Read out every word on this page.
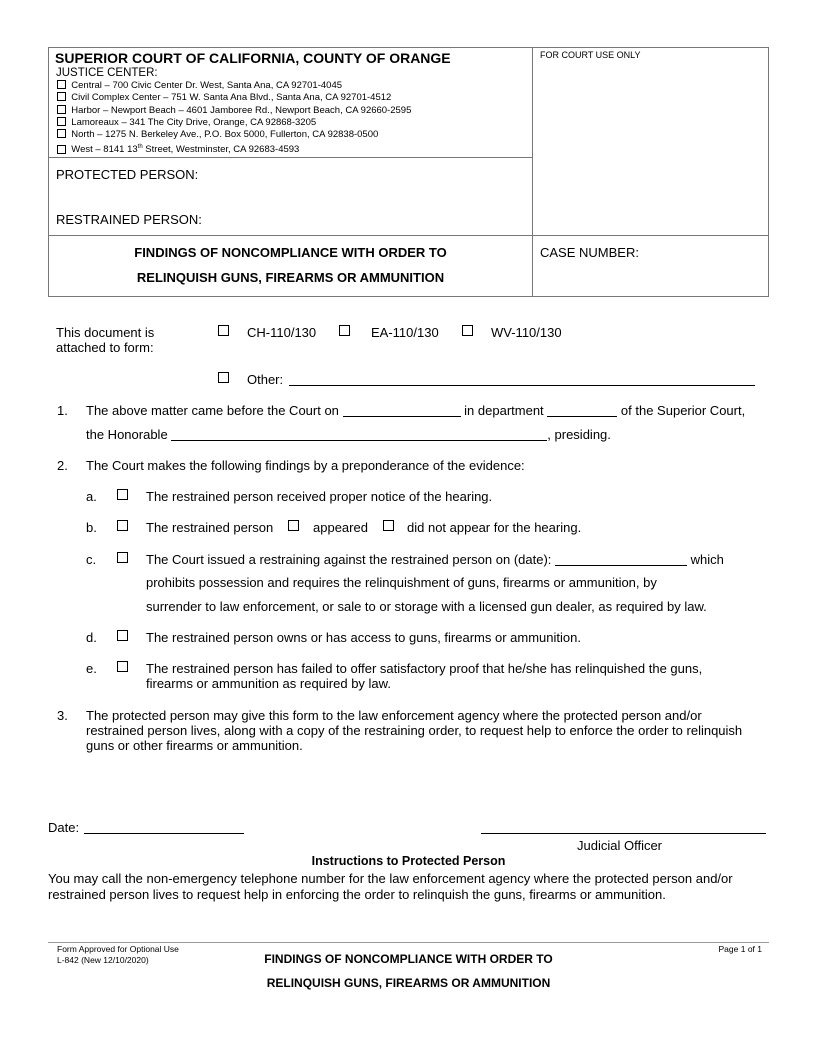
SUPERIOR COURT OF CALIFORNIA, COUNTY OF ORANGE
JUSTICE CENTER:
Central – 700 Civic Center Dr. West, Santa Ana, CA 92701-4045
Civil Complex Center – 751 W. Santa Ana Blvd., Santa Ana, CA 92701-4512
Harbor – Newport Beach – 4601 Jamboree Rd., Newport Beach, CA 92660-2595
Lamoreaux – 341 The City Drive, Orange, CA 92868-3205
North – 1275 N. Berkeley Ave., P.O. Box 5000, Fullerton, CA 92838-0500
West – 8141 13th Street, Westminster, CA 92683-4593
FOR COURT USE ONLY
PROTECTED PERSON:
RESTRAINED PERSON:
FINDINGS OF NONCOMPLIANCE WITH ORDER TO
RELINQUISH GUNS, FIREARMS OR AMMUNITION
CASE NUMBER:
This document is
attached to form:
CH-110/130	EA-110/130	WV-110/130
Other:
1. The above matter came before the Court on	in department	of the Superior Court,
the Honorable	, presiding.
2. The Court makes the following findings by a preponderance of the evidence:
a.	The restrained person received proper notice of the hearing.
b.	The restrained person	appeared	did not appear for the hearing.
c.	The Court issued a restraining against the restrained person on (date):	which
prohibits possession and requires the relinquishment of guns, firearms or ammunition, by
surrender to law enforcement, or sale to or storage with a licensed gun dealer, as required by law.
d.	The restrained person owns or has access to guns, firearms or ammunition.
e.	The restrained person has failed to offer satisfactory proof that he/she has relinquished the guns,
firearms or ammunition as required by law.
3. The protected person may give this form to the law enforcement agency where the protected person and/or
restrained person lives, along with a copy of the restraining order, to request help to enforce the order to relinquish
guns or other firearms or ammunition.
Date:
Judicial Officer
Instructions to Protected Person
You may call the non-emergency telephone number for the law enforcement agency where the protected person and/or
restrained person lives to request help in enforcing the order to relinquish the guns, firearms or ammunition.
Form Approved for Optional Use
L-842 (New 12/10/2020)	FINDINGS OF NONCOMPLIANCE WITH ORDER TO
RELINQUISH GUNS, FIREARMS OR AMMUNITION
Page 1 of 1
